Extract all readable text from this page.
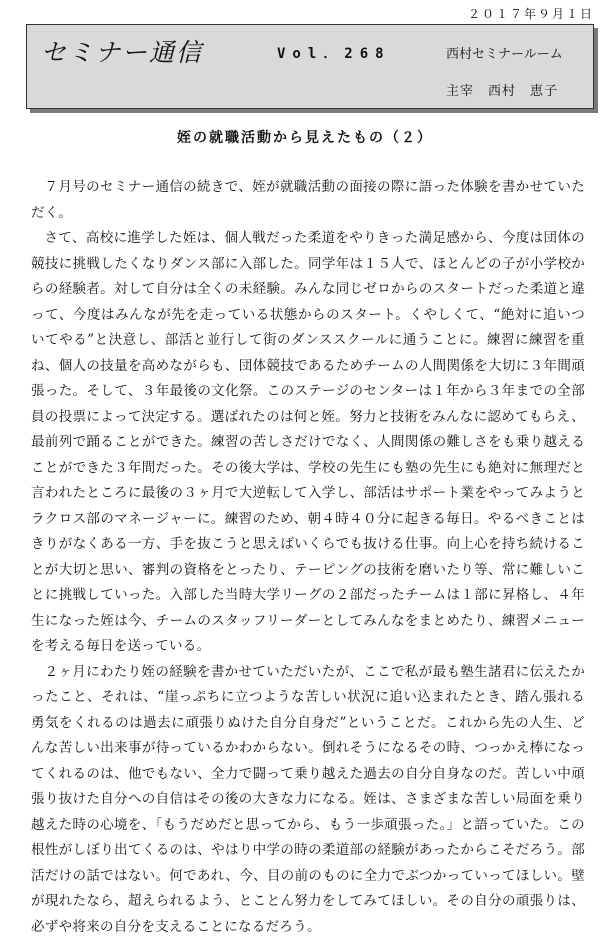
２０１７年９月１日
セミナー通信	Vol．268	西村セミナールーム
主宰　西村　恵子
姪の就職活動から見えたもの（２）

７月号のセミナー通信の続きで、姪が就職活動の面接の際に語った体験を書かせていただく。

さて、高校に進学した姪は、個人戦だった柔道をやりきった満足感から、今度は団体の競技に挑戦したくなりダンス部に入部した。同学年は１５人で、ほとんどの子が小学校からの経験者。対して自分は全くの未経験。みんな同じゼロからのスタートだった柔道と違って、今度はみんなが先を走っている状態からのスタート。くやしくて、“絶対に追いついてやる”と決意し、部活と並行して街のダンススクールに通うことに。練習に練習を重ね、個人の技量を高めながらも、団体競技であるためチームの人間関係を大切に３年間頑張った。そして、３年最後の文化祭。このステージのセンターは１年から３年までの全部員の投票によって決定する。選ばれたのは何と姪。努力と技術をみんなに認めてもらえ、最前列で踊ることができた。練習の苦しさだけでなく、人間関係の難しさをも乗り越えることができた３年間だった。その後大学は、学校の先生にも塾の先生にも絶対に無理だと言われたところに最後の３ヶ月で大逆転して入学し、部活はサポート業をやってみようとラクロス部のマネージャーに。練習のため、朝４時４０分に起きる毎日。やるべきことはきりがなくある一方、手を抜こうと思えばいくらでも抜ける仕事。向上心を持ち続けることが大切と思い、審判の資格をとったり、テーピングの技術を磨いたり等、常に難しいことに挑戦していった。入部した当時大学リーグの２部だったチームは１部に昇格し、４年生になった姪は今、チームのスタッフリーダーとしてみんなをまとめたり、練習メニューを考える毎日を送っている。

２ヶ月にわたり姪の経験を書かせていただいたが、ここで私が最も塾生諸君に伝えたかったこと、それは、“崖っぷちに立つような苦しい状況に追い込まれたとき、踏ん張れる勇気をくれるのは過去に頑張りぬけた自分自身だ”ということだ。これから先の人生、どんな苦しい出来事が待っているかわからない。倒れそうになるその時、つっかえ棒になってくれるのは、他でもない、全力で闘って乗り越えた過去の自分自身なのだ。苦しい中頑張り抜けた自分への自信はその後の大きな力になる。姪は、さまざまな苦しい局面を乗り越えた時の心境を、「もうだめだと思ってから、もう一歩頑張った。」と語っていた。この根性がしぼり出てくるのは、やはり中学の時の柔道部の経験があったからこそだろう。部活だけの話ではない。何であれ、今、目の前のものに全力でぶつかっていってほしい。壁が現れたなら、超えられるよう、とことん努力をしてみてほしい。その自分の頑張りは、必ずや将来の自分を支えることになるだろう。
